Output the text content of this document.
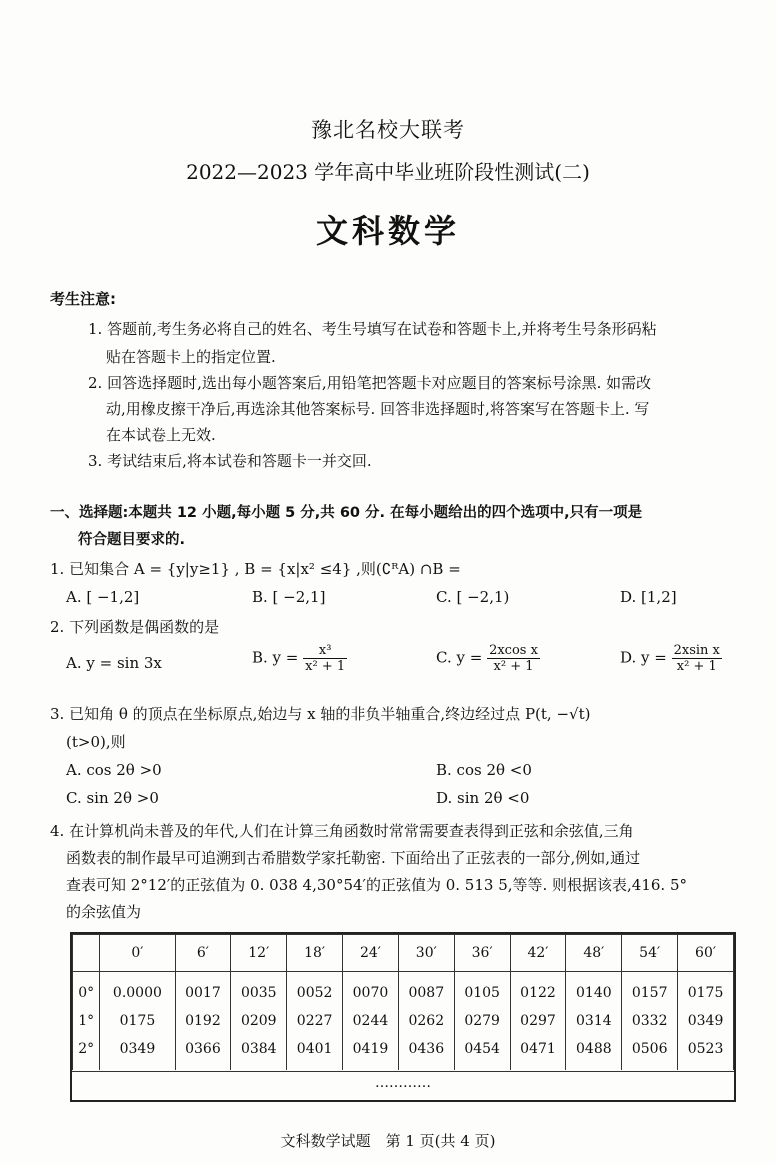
豫北名校大联考
2022—2023 学年高中毕业班阶段性测试(二)
文科数学
考生注意:
1. 答题前,考生务必将自己的姓名、考生号填写在试卷和答题卡上,并将考生号条形码粘
贴在答题卡上的指定位置.
2. 回答选择题时,选出每小题答案后,用铅笔把答题卡对应题目的答案标号涂黑. 如需改
动,用橡皮擦干净后,再选涂其他答案标号. 回答非选择题时,将答案写在答题卡上. 写
在本试卷上无效.
3. 考试结束后,将本试卷和答题卡一并交回.
一、选择题:本题共 12 小题,每小题 5 分,共 60 分. 在每小题给出的四个选项中,只有一项是
符合题目要求的.
1. 已知集合 A = {y|y≥1} , B = {x|x² ≤4} ,则(∁ᴿA) ∩B =
A. [ −1,2]	B. [ −2,1]	C. [ −2,1)	D. [1,2]
2. 下列函数是偶函数的是
A. y = sin 3x	B. $y = \frac{\text{x³}}{\text{x² + 1}}$	C. $y = \frac{\text{2xcos x}}{\text{x² + 1}}$	D. $y = \frac{\text{2xsin x}}{\text{x² + 1}}$
3. 已知角 θ 的顶点在坐标原点,始边与 x 轴的非负半轴重合,终边经过点 P(t, −√t)
(t>0),则
A. cos 2θ >0	B. cos 2θ <0
C. sin 2θ >0	D. sin 2θ <0
4. 在计算机尚未普及的年代,人们在计算三角函数时常常需要查表得到正弦和余弦值,三角
函数表的制作最早可追溯到古希腊数学家托勒密. 下面给出了正弦表的一部分,例如,通过
查表可知 2°12′的正弦值为 0. 038 4,30°54′的正弦值为 0. 513 5,等等. 则根据该表,416. 5°
的余弦值为
	0′	6′	12′	18′	24′	30′	36′	42′	48′	54′	60′
0°	0.0000	0017	0035	0052	0070	0087	0105	0122	0140	0157	0175
1°	0175	0192	0209	0227	0244	0262	0279	0297	0314	0332	0349
2°	0349	0366	0384	0401	0419	0436	0454	0471	0488	0506	0523
…………
文科数学试题　第 1 页(共 4 页)
